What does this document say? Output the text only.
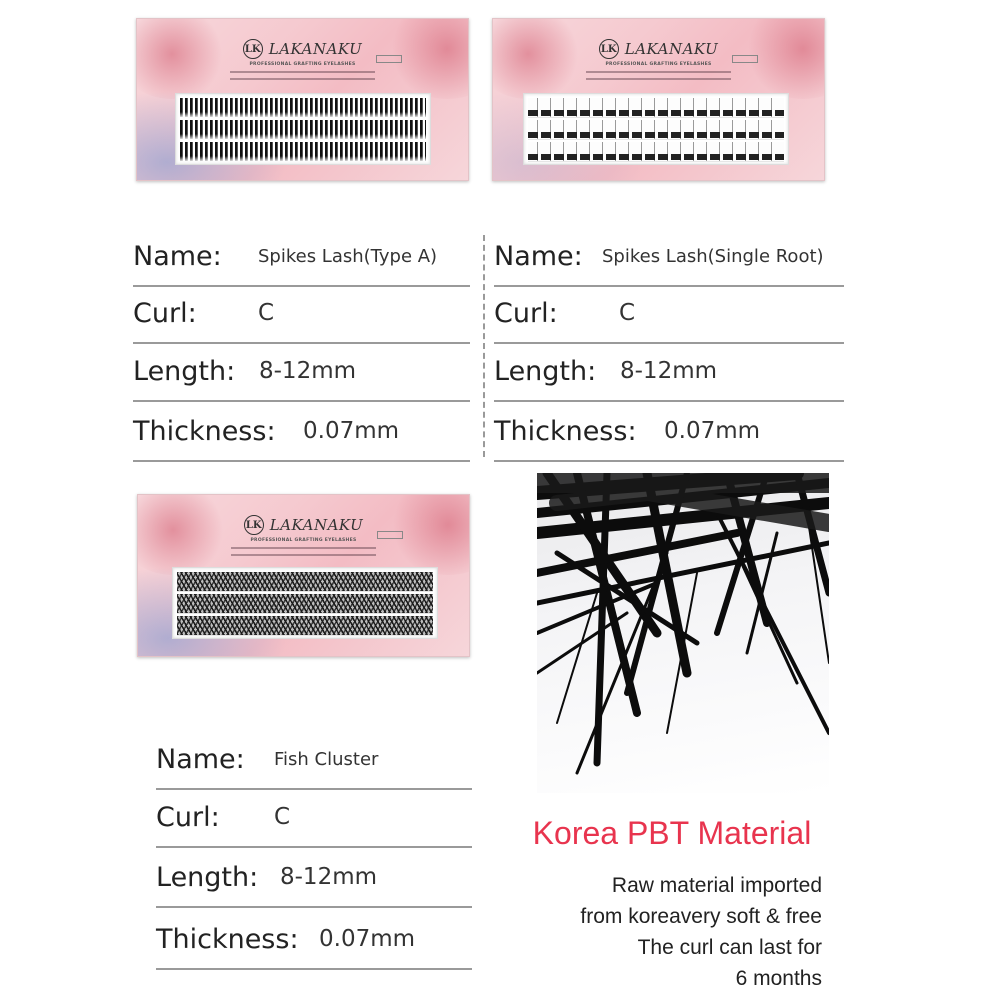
LK LAKANAKU
PROFESSIONAL GRAFTING EYELASHES
LK LAKANAKU
PROFESSIONAL GRAFTING EYELASHES
Name:	Spikes Lash(Type A)
Curl:	C
Length:	8-12mm
Thickness:	0.07mm
Name:	Spikes Lash(Single Root)
Curl:	C
Length:	8-12mm
Thickness:	0.07mm
LK LAKANAKU
PROFESSIONAL GRAFTING EYELASHES
Name:	Fish Cluster
Curl:	C
Length: 8-12mm
Thickness: 0.07mm
Korea PBT Material
Raw material imported
from koreavery soft & free
The curl can last for
6 months
